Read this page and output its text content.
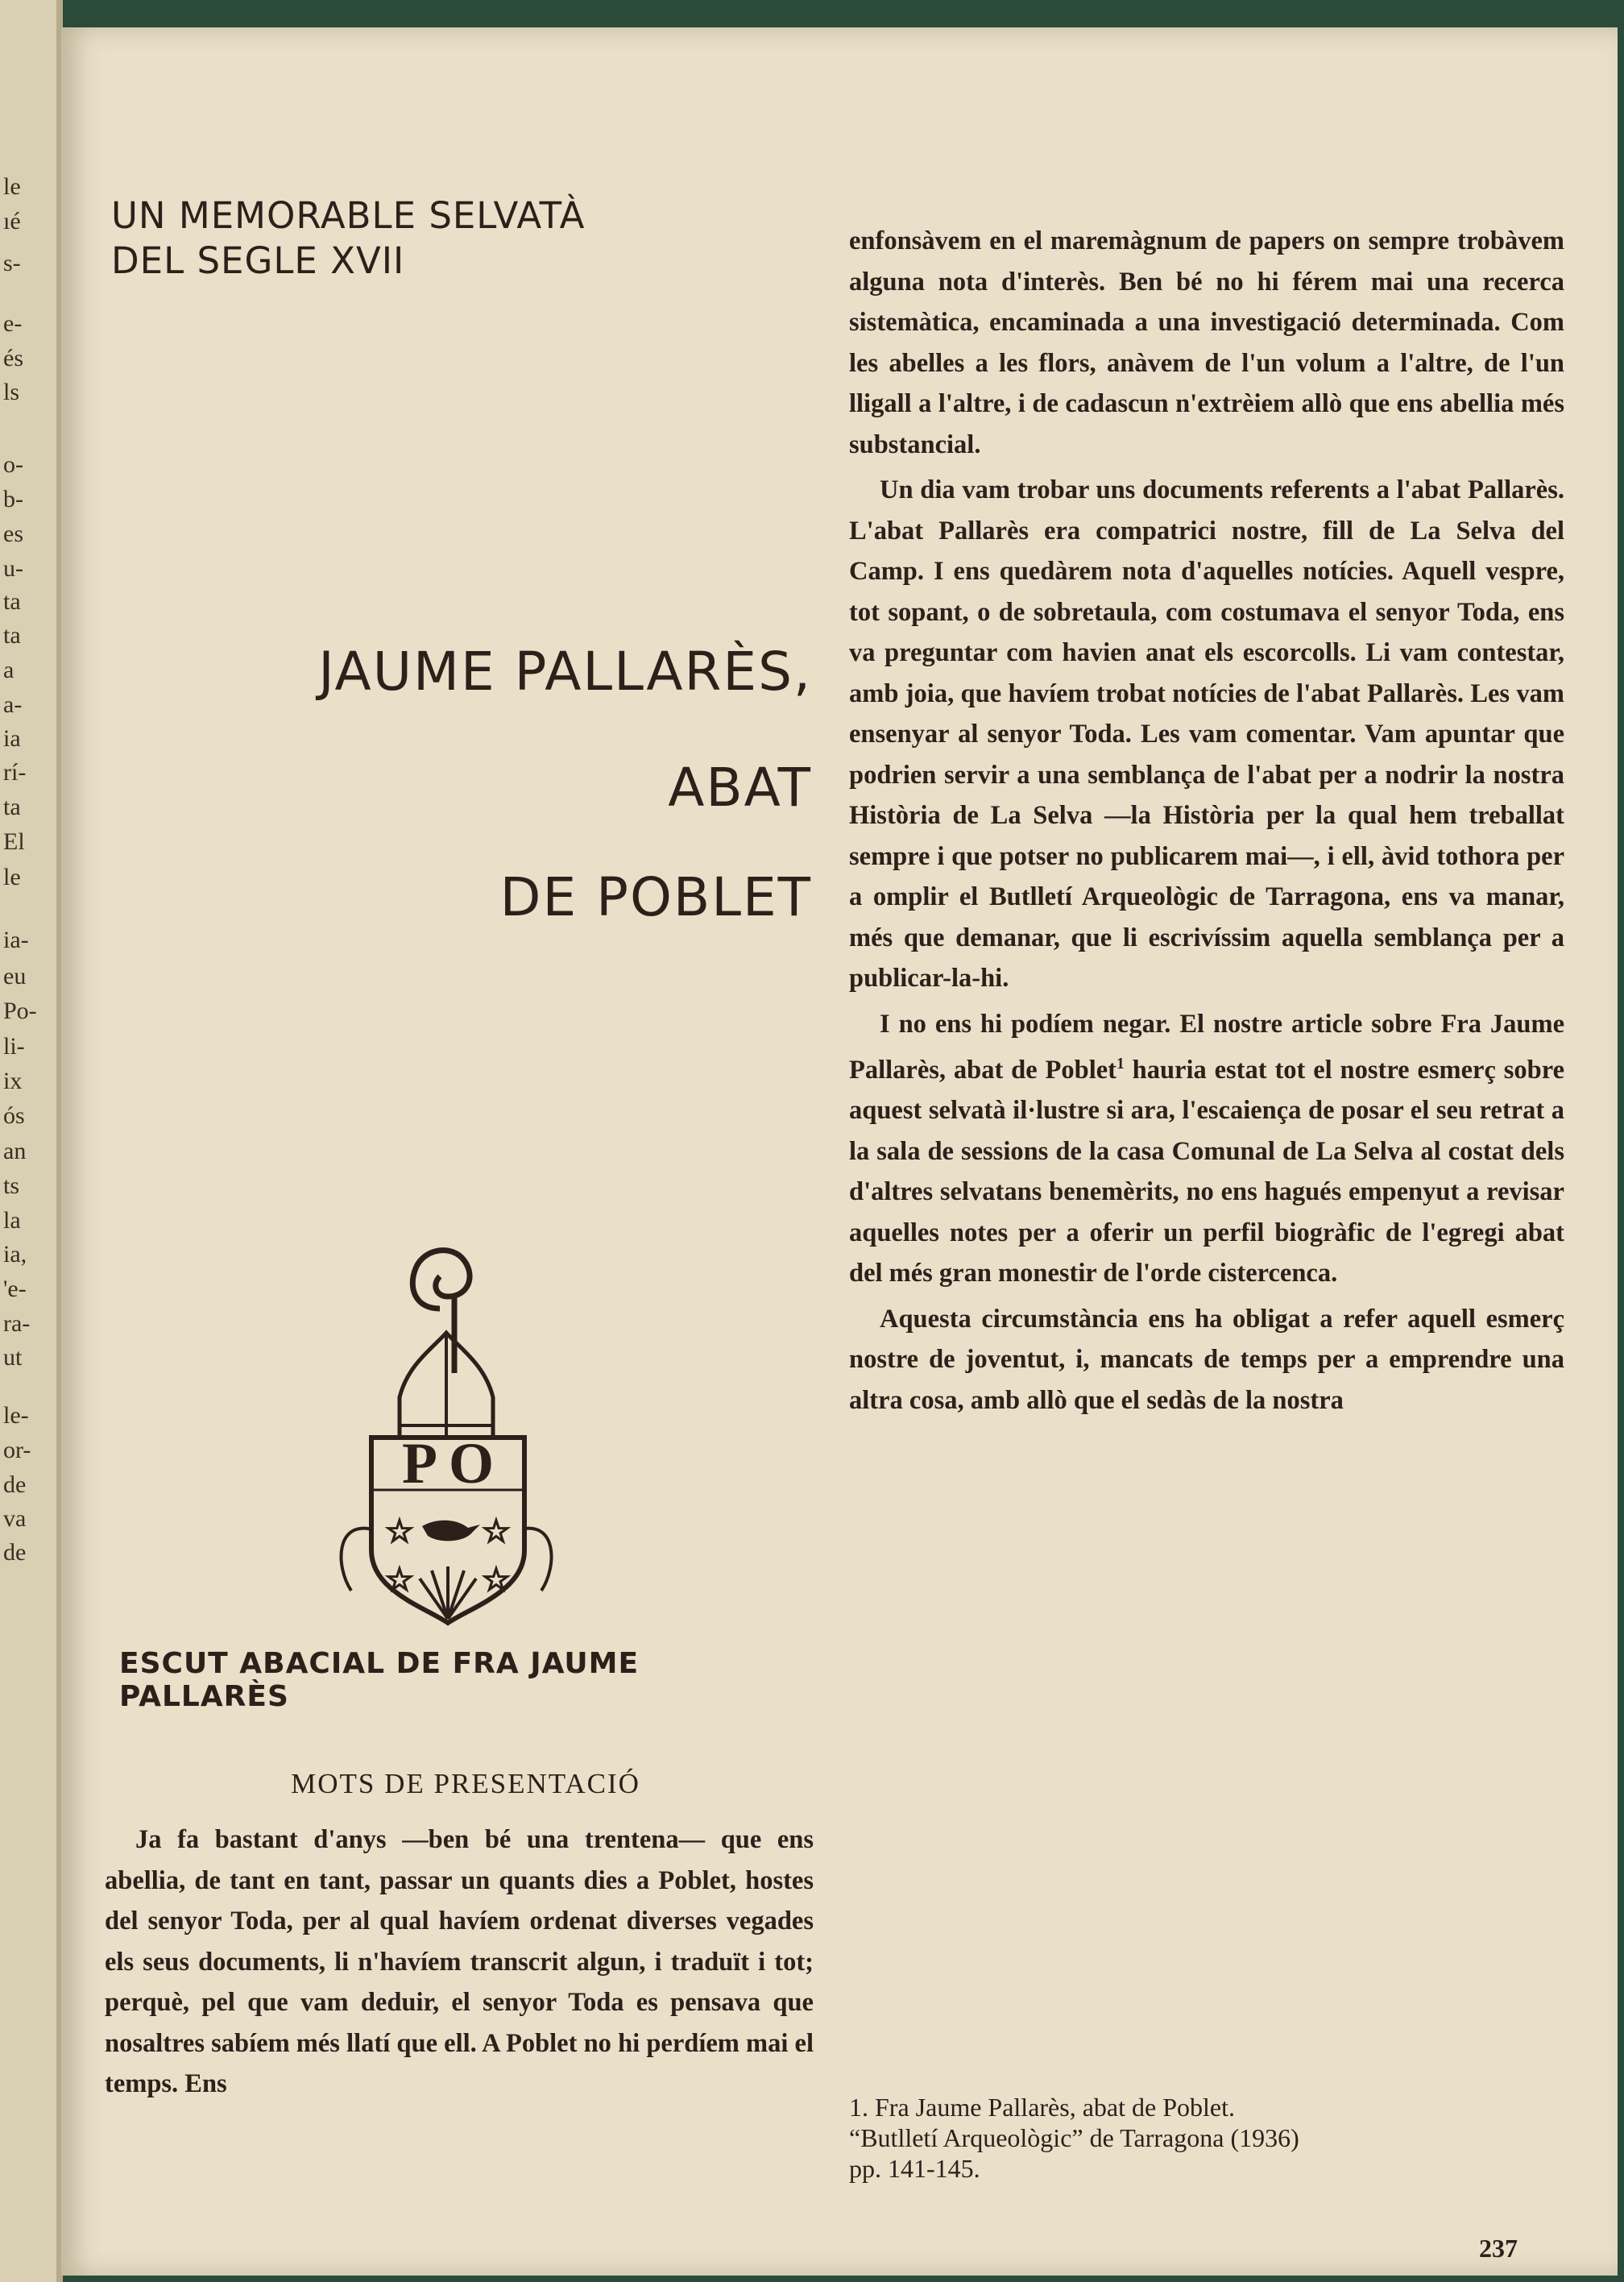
le
ıé
s-
e-
és
ls
o-
b-
es
u-
ta
ta
a
a-
ia
rí-
ta
El
le
ia-
eu
Po-
li-
ix
ós
an
ts
la
ia,
'e-
ra-
ut
le-
or-
de
va
de
UN MEMORABLE SELVATÀ
DEL SEGLE XVII
JAUME PALLARÈS,
ABAT
DE POBLET
P O
☆ ☆
☆ ☆
ESCUT ABACIAL DE FRA JAUME PALLARÈS
MOTS DE PRESENTACIÓ

Ja fa bastant d'anys —ben bé una trentena— que ens abellia, de tant en tant, passar un quants dies a Poblet, hostes del senyor Toda, per al qual havíem ordenat diverses vegades els seus documents, li n'havíem transcrit algun, i traduït i tot; perquè, pel que vam deduir, el senyor Toda es pensava que nosaltres sabíem més llatí que ell. A Poblet no hi perdíem mai el temps. Ens

enfonsàvem en el maremàgnum de papers on sempre trobàvem alguna nota d'interès. Ben bé no hi férem mai una recerca sistemàtica, encaminada a una investigació determinada. Com les abelles a les flors, anàvem de l'un volum a l'altre, de l'un lligall a l'altre, i de cadascun n'extrèiem allò que ens abellia més substancial.

Un dia vam trobar uns documents referents a l'abat Pallarès. L'abat Pallarès era compatrici nostre, fill de La Selva del Camp. I ens quedàrem nota d'aquelles notícies. Aquell vespre, tot sopant, o de sobretaula, com costumava el senyor Toda, ens va preguntar com havien anat els escorcolls. Li vam contestar, amb joia, que havíem trobat notícies de l'abat Pallarès. Les vam ensenyar al senyor Toda. Les vam comentar. Vam apuntar que podrien servir a una semblança de l'abat per a nodrir la nostra Història de La Selva —la Història per la qual hem treballat sempre i que potser no publicarem mai—, i ell, àvid tothora per a omplir el Butlletí Arqueològic de Tarragona, ens va manar, més que demanar, que li escrivíssim aquella semblança per a publicar-la-hi.

I no ens hi podíem negar. El nostre article sobre Fra Jaume Pallarès, abat de Poblet$^1$ hauria estat tot el nostre esmerç sobre aquest selvatà il·lustre si ara, l'escaiença de posar el seu retrat a la sala de sessions de la casa Comunal de La Selva al costat dels d'altres selvatans benemèrits, no ens hagués empenyut a revisar aquelles notes per a oferir un perfil biogràfic de l'egregi abat del més gran monestir de l'orde cistercenca.

Aquesta circumstància ens ha obligat a refer aquell esmerç nostre de joventut, i, mancats de temps per a emprendre una altra cosa, amb allò que el sedàs de la nostra

1. Fra Jaume Pallarès, abat de Poblet.
“Butlletí Arqueològic” de Tarragona (1936)
pp. 141-145.
237
